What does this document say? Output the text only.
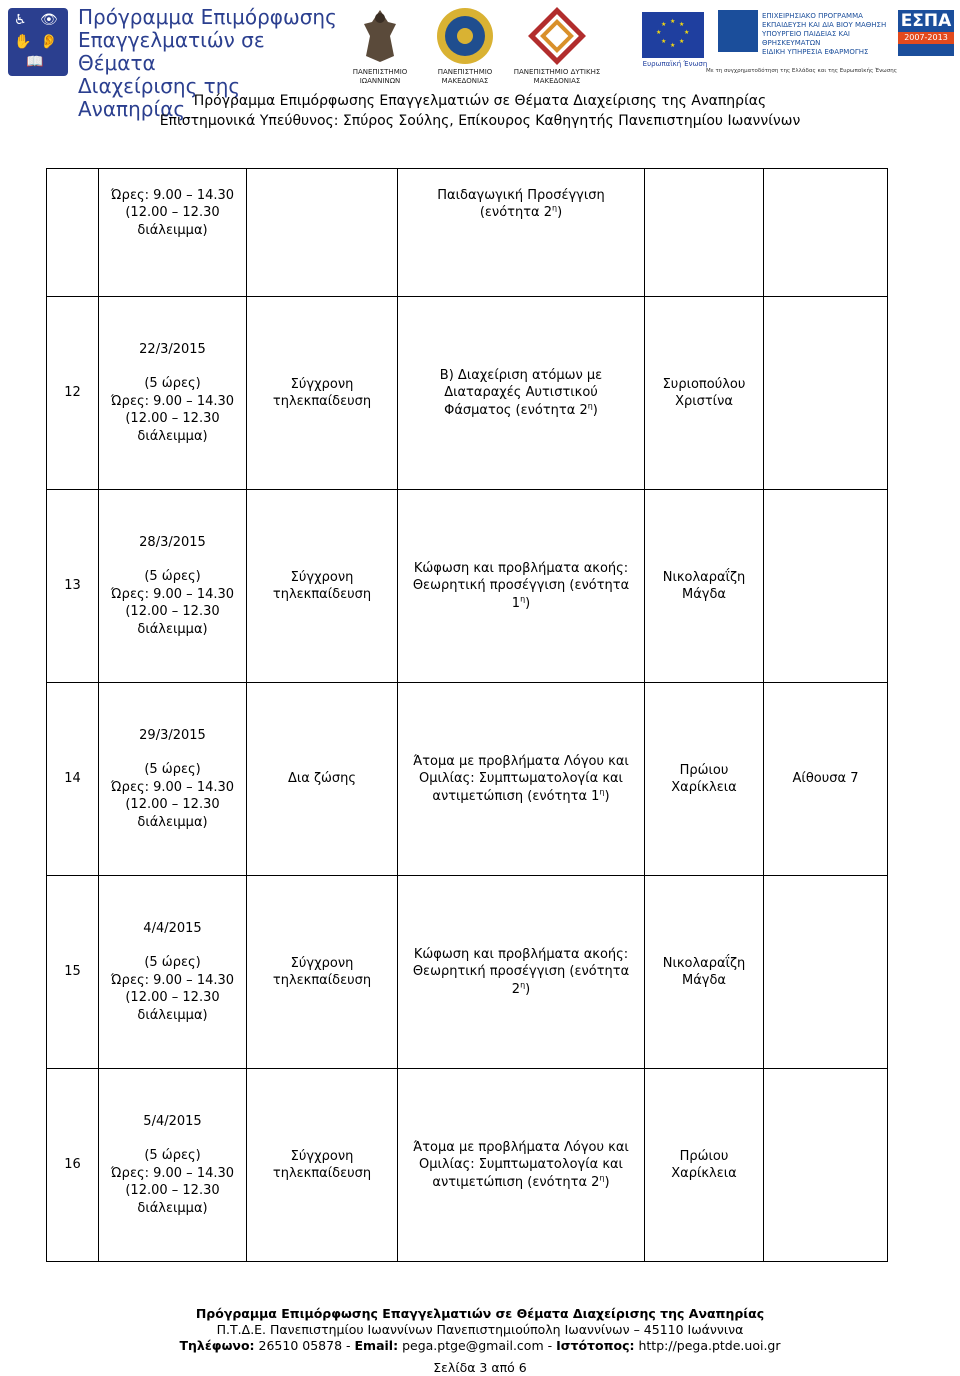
♿ 👁
✋ 👂
📖
Πρόγραμμα Επιμόρφωσης
Επαγγελματιών σε Θέματα
Διαχείρισης της Αναπηρίας
ΠΑΝΕΠΙΣΤΗΜΙΟ ΙΩΑΝΝΙΝΩΝ
ΠΑΝΕΠΙΣΤΗΜΙΟ ΜΑΚΕΔΟΝΙΑΣ
ΠΑΝΕΠΙΣΤΗΜΙΟ ΔΥΤΙΚΗΣ ΜΑΚΕΔΟΝΙΑΣ
★ ★
★
★
★
★
★
★
Ευρωπαϊκή Ένωση
ΕΠΙΧΕΙΡΗΣΙΑΚΟ ΠΡΟΓΡΑΜΜΑ
ΕΚΠΑΙΔΕΥΣΗ ΚΑΙ ΔΙΑ ΒΙΟΥ ΜΑΘΗΣΗ
ΥΠΟΥΡΓΕΙΟ ΠΑΙΔΕΙΑΣ ΚΑΙ ΘΡΗΣΚΕΥΜΑΤΩΝ
ΕΙΔΙΚΗ ΥΠΗΡΕΣΙΑ ΕΦΑΡΜΟΓΗΣ
ΕΣΠΑ
2007-2013
Με τη συγχρηματοδότηση της Ελλάδας και της Ευρωπαϊκής Ένωσης
Πρόγραμμα Επιμόρφωσης Επαγγελματιών σε Θέματα Διαχείρισης της Αναπηρίας
Επιστημονικά Υπεύθυνος: Σπύρος Σούλης, Επίκουρος Καθηγητής Πανεπιστημίου Ιωαννίνων

	Ώρες: 9.00 – 14.30
(12.00 – 12.30 διάλειμμα)		Παιδαγωγική Προσέγγιση (ενότητα $2^\eta$)		

12	22/3/2015
(5 ώρες)
Ώρες: 9.00 – 14.30
(12.00 – 12.30 διάλειμμα)	Σύγχρονη τηλεκπαίδευση	Β) Διαχείριση ατόμων με Διαταραχές Αυτιστικού Φάσματος (ενότητα $2^\eta$)	Συριοπούλου Χριστίνα	

13	28/3/2015
(5 ώρες)
Ώρες: 9.00 – 14.30
(12.00 – 12.30 διάλειμμα)	Σύγχρονη τηλεκπαίδευση	Κώφωση και προβλήματα ακοής: Θεωρητική προσέγγιση (ενότητα $1^\eta$)	Νικολαραΐζη Μάγδα	

14	29/3/2015
(5 ώρες)
Ώρες: 9.00 – 14.30
(12.00 – 12.30 διάλειμμα)	Δια ζώσης	Άτομα με προβλήματα Λόγου και Ομιλίας: Συμπτωματολογία και αντιμετώπιση (ενότητα $1^\eta$)	Πρώιου Χαρίκλεια	Αίθουσα 7
15	4/4/2015
(5 ώρες)
Ώρες: 9.00 – 14.30
(12.00 – 12.30 διάλειμμα)	Σύγχρονη τηλεκπαίδευση	Κώφωση και προβλήματα ακοής: Θεωρητική προσέγγιση (ενότητα $2^\eta$)	Νικολαραΐζη Μάγδα	

16	5/4/2015
(5 ώρες)
Ώρες: 9.00 – 14.30
(12.00 – 12.30 διάλειμμα)	Σύγχρονη τηλεκπαίδευση	Άτομα με προβλήματα Λόγου και Ομιλίας: Συμπτωματολογία και αντιμετώπιση (ενότητα $2^\eta$)	Πρώιου Χαρίκλεια	

Πρόγραμμα Επιμόρφωσης Επαγγελματιών σε Θέματα Διαχείρισης της Αναπηρίας
Π.Τ.Δ.Ε. Πανεπιστημίου Ιωαννίνων Πανεπιστημιούπολη Ιωαννίνων – 45110 Ιωάννινα
Τηλέφωνο: 26510 05878 - Email: pega.ptge@gmail.com - Ιστότοπος: http://pega.ptde.uoi.gr
Σελίδα 3 από 6
